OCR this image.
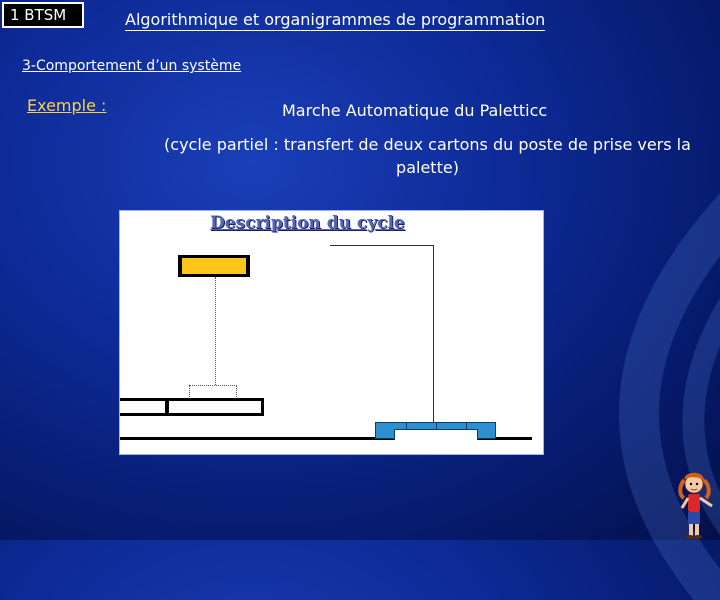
1 BTSM	Algorithmique et organigrammes de programmation
3-Comportement d’un système
Exemple :	Marche Automatique du Paletticc
(cycle partiel : transfert de deux cartons du poste de prise vers la palette)
Description du cycle
